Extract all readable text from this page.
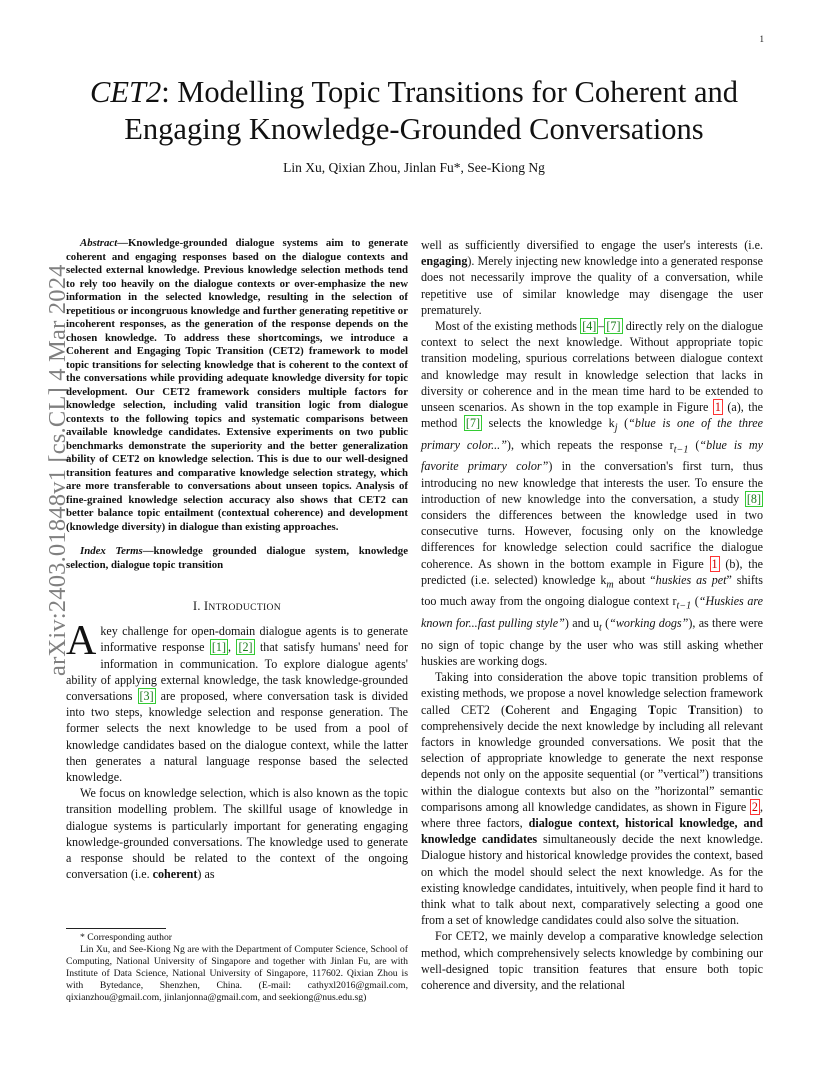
1
arXiv:2403.01848v1 [cs.CL] 4 Mar 2024
CET2: Modelling Topic Transitions for Coherent and Engaging Knowledge-Grounded Conversations
Lin Xu, Qixian Zhou, Jinlan Fu*, See-Kiong Ng

Abstract—Knowledge-grounded dialogue systems aim to generate coherent and engaging responses based on the dialogue contexts and selected external knowledge. Previous knowledge selection methods tend to rely too heavily on the dialogue contexts or over-emphasize the new information in the selected knowledge, resulting in the selection of repetitious or incongruous knowledge and further generating repetitive or incoherent responses, as the generation of the response depends on the chosen knowledge. To address these shortcomings, we introduce a Coherent and Engaging Topic Transition (CET2) framework to model topic transitions for selecting knowledge that is coherent to the context of the conversations while providing adequate knowledge diversity for topic development. Our CET2 framework considers multiple factors for knowledge selection, including valid transition logic from dialogue contexts to the following topics and systematic comparisons between available knowledge candidates. Extensive experiments on two public benchmarks demonstrate the superiority and the better generalization ability of CET2 on knowledge selection. This is due to our well-designed transition features and comparative knowledge selection strategy, which are more transferable to conversations about unseen topics. Analysis of fine-grained knowledge selection accuracy also shows that CET2 can better balance topic entailment (contextual coherence) and development (knowledge diversity) in dialogue than existing approaches.

Index Terms—knowledge grounded dialogue system, knowledge selection, dialogue topic transition

I. INTRODUCTION

A key challenge for open-domain dialogue agents is to generate informative response [1] , [2] that satisfy humans' need for information in communication. To explore dialogue agents' ability of applying external knowledge, the task knowledge-grounded conversations [3] are proposed, where conversation task is divided into two steps, knowledge selection and response generation. The former selects the next knowledge to be used from a pool of knowledge candidates based on the dialogue context, while the latter then generates a natural language response based the selected knowledge.

We focus on knowledge selection, which is also known as the topic transition modelling problem. The skillful usage of knowledge in dialogue systems is particularly important for generating engaging knowledge-grounded conversations. The knowledge used to generate a response should be related to the context of the ongoing conversation (i.e. coherent) as

* Corresponding author

Lin Xu, and See-Kiong Ng are with the Department of Computer Science, School of Computing, National University of Singapore and together with Jinlan Fu, are with Institute of Data Science, National University of Singapore, 117602. Qixian Zhou is with Bytedance, Shenzhen, China. (E-mail: cathyxl2016@gmail.com, qixianzhou@gmail.com, jinlanjonna@gmail.com, and seekiong@nus.edu.sg)

well as sufficiently diversified to engage the user's interests (i.e. engaging). Merely injecting new knowledge into a generated response does not necessarily improve the quality of a conversation, while repetitive use of similar knowledge may disengage the user prematurely.

Most of the existing methods [4] – [7] directly rely on the dialogue context to select the next knowledge. Without appropriate topic transition modeling, spurious correlations between dialogue context and knowledge may result in knowledge selection that lacks in diversity or coherence and in the mean time hard to be extended to unseen scenarios. As shown in the top example in Figure 1 (a), the method [7] selects the knowledge $k_j$ (“blue is one of the three primary color...”), which repeats the response $r_{t-1}$ (“blue is my favorite primary color”) in the conversation's first turn, thus introducing no new knowledge that interests the user. To ensure the introduction of new knowledge into the conversation, a study [8] considers the differences between the knowledge used in two consecutive turns. However, focusing only on the knowledge differences for knowledge selection could sacrifice the dialogue coherence. As shown in the bottom example in Figure 1 (b), the predicted (i.e. selected) knowledge $k_m$ about “huskies as pet” shifts too much away from the ongoing dialogue context $r_{t-1}$ (“Huskies are known for...fast pulling style”) and $u_t$ (“working dogs”), as there were no sign of topic change by the user who was still asking whether huskies are working dogs.

Taking into consideration the above topic transition problems of existing methods, we propose a novel knowledge selection framework called CET2 (Coherent and Engaging Topic Transition) to comprehensively decide the next knowledge by including all relevant factors in knowledge grounded conversations. We posit that the selection of appropriate knowledge to generate the next response depends not only on the apposite sequential (or ”vertical”) transitions within the dialogue contexts but also on the ”horizontal” semantic comparisons among all knowledge candidates, as shown in Figure 2 , where three factors, dialogue context, historical knowledge, and knowledge candidates simultaneously decide the next knowledge. Dialogue history and historical knowledge provides the context, based on which the model should select the next knowledge. As for the existing knowledge candidates, intuitively, when people find it hard to think what to talk about next, comparatively selecting a good one from a set of knowledge candidates could also solve the situation.

For CET2, we mainly develop a comparative knowledge selection method, which comprehensively selects knowledge by combining our well-designed topic transition features that ensure both topic coherence and diversity, and the relational
